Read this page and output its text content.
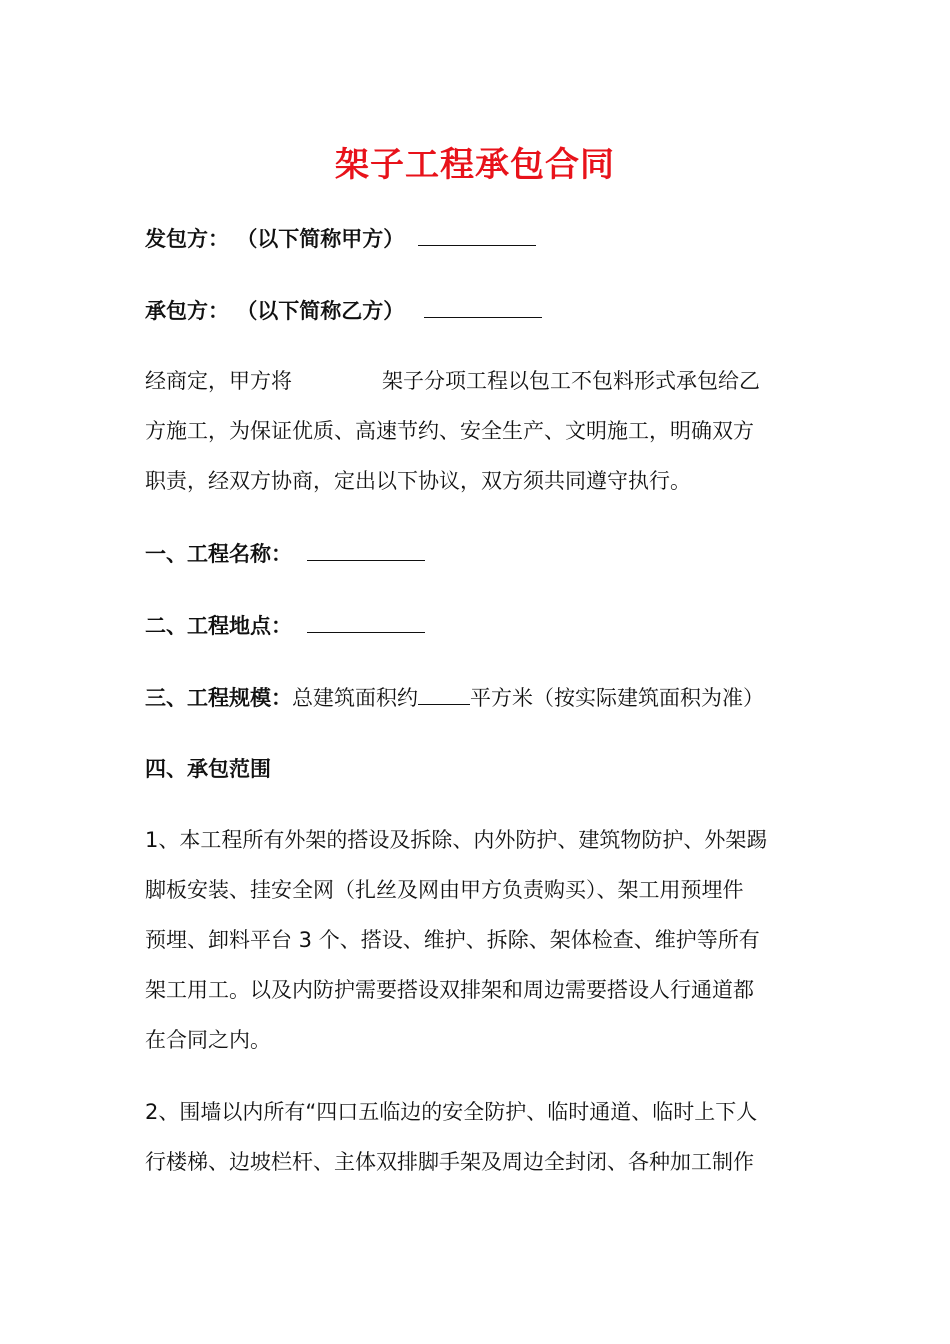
架子工程承包合同
发包方： （以下简称甲方）
承包方： （以下简称乙方）

经商定，甲方将	架子分项工程以包工不包料形式承包给乙

方施工，为保证优质、高速节约、安全生产、文明施工，明确双方

职责，经双方协商，定出以下协议，双方须共同遵守执行。

一、工程名称：
二、工程地点：
三、工程规模：总建筑面积约 平方米（按实际建筑面积为准）
四、承包范围

1、本工程所有外架的搭设及拆除、内外防护、建筑物防护、外架踢

脚板安装、挂安全网（扎丝及网由甲方负责购买）、架工用预埋件

预埋、卸料平台 3 个、搭设、维护、拆除、架体检查、维护等所有

架工用工。以及内防护需要搭设双排架和周边需要搭设人行通道都

在合同之内。

2、围墙以内所有“四口五临边的安全防护、临时通道、临时上下人

行楼梯、边坡栏杆、主体双排脚手架及周边全封闭、各种加工制作
